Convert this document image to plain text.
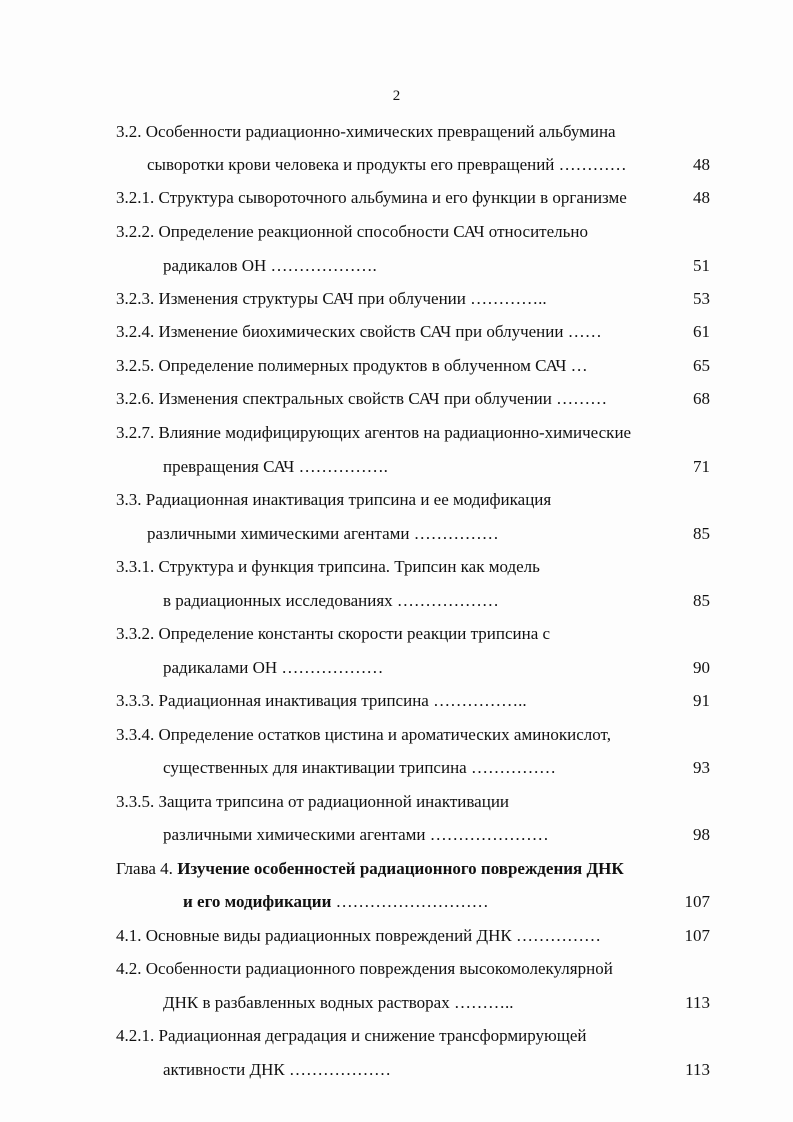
2
3.2. Особенности радиационно-химических превращений альбумина
сыворотки крови человека и продукты его превращений …………	48
3.2.1. Структура сывороточного альбумина и его функции в организме	48
3.2.2. Определение реакционной способности САЧ относительно
радикалов ОН ……………….	51
3.2.3. Изменения структуры САЧ при облучении …………..	53
3.2.4. Изменение биохимических свойств САЧ при облучении ……	61
3.2.5. Определение полимерных продуктов в облученном САЧ …	65
3.2.6. Изменения спектральных свойств САЧ при облучении ………	68
3.2.7. Влияние модифицирующих агентов на радиационно-химические
превращения САЧ …………….	71
3.3. Радиационная инактивация трипсина и ее модификация
различными химическими агентами ……………	85
3.3.1. Структура и функция трипсина. Трипсин как модель
в радиационных исследованиях ………………	85
3.3.2. Определение константы скорости реакции трипсина с
радикалами ОН ………………	90
3.3.3. Радиационная инактивация трипсина ……………..	91
3.3.4. Определение остатков цистина и ароматических аминокислот,
существенных для инактивации трипсина ……………	93
3.3.5. Защита трипсина от радиационной инактивации
различными химическими агентами …………………	98
Глава 4. Изучение особенностей радиационного повреждения ДНК
и его модификации ………………………	107
4.1. Основные виды радиационных повреждений ДНК ……………	107
4.2. Особенности радиационного повреждения высокомолекулярной
ДНК в разбавленных водных растворах ………..	113
4.2.1. Радиационная деградация и снижение трансформирующей
активности ДНК ………………	113
